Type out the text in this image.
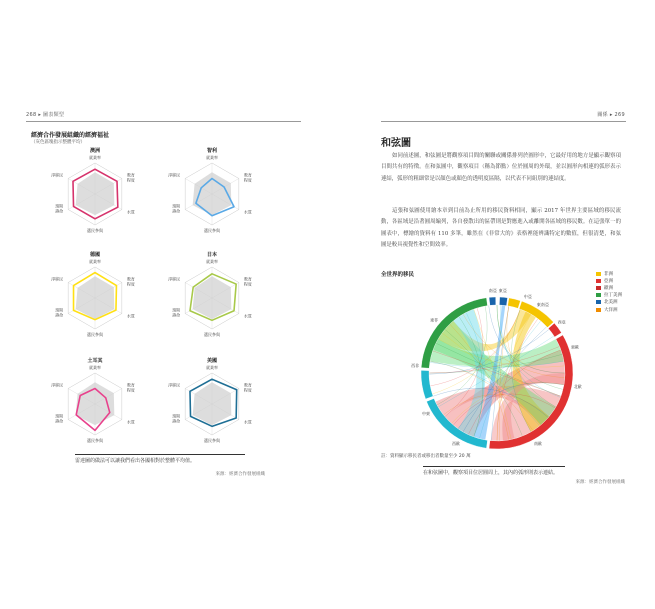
268 ▸ 圖表類型
經濟合作發展組織的經濟福祉
（灰色區塊指示整體平均）
澳洲
就業率
教育程度
水質
選民參與
預期壽命
淨移民
智利
就業率
教育程度
水質
選民參與
預期壽命
淨移民
德國
就業率
教育程度
水質
選民參與
預期壽命
淨移民
日本
就業率
教育程度
水質
選民參與
預期壽命
淨移民
土耳其
就業率
教育程度
水質
選民參與
預期壽命
淨移民
美國
就業率
教育程度
水質
選民參與
預期壽命
淨移民
雷達圖的做法可以讓我們看出各國相對於整體平均值。
來源：經濟合作發展組織
關係 ▸ 269
和弦圖

如同前述圖，和弦圖是將觀察項目間的關聯或關係排列於圓形中，它最好用的地方是顯示觀察項目間共有的特徵。在和弦圖中，觀察項目（稱為節點）位於圓周的外環，並以圓形內相連的弧形表示連結，弧形的粗細常是以顏色或顏色的透明度區隔，以代表不同組別的連結度。

這張和弦圖使用繪本章到目前為止所用的移民資料相同，顯示 2017 年世界主要區域的移民流動，各區域是沿著圓周編列，各自發散出的區帶則是對應進入或離開各區域的移民數。在這張單一的圖表中，標繪的資料有 110 多筆，雖然在《非常大的》表格裡能辨識特定的數值，但很清楚，和弦圖是較具視覺性和空間效率。

全世界的移民
南亞 東亞
中亞
東南亞
西亞
東歐
北歐
南歐
西歐
中東
西非
東非
非洲
亞洲
歐洲
拉丁美洲
北美洲
大洋洲
註：資料顯示移民者或移出者數量至少 20 萬
在和弦圖中，觀察項目位居圓周上，其內的弧形則表示連結。
來源：經濟合作發展組織
